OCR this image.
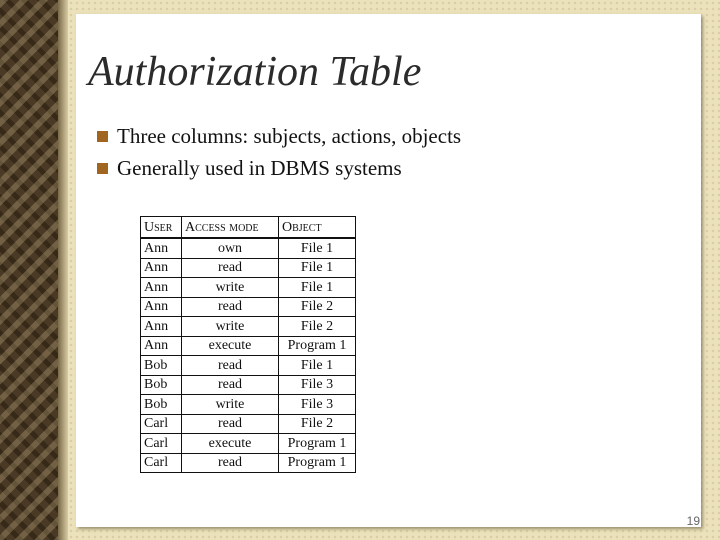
Authorization Table
Three columns: subjects, actions, objects
Generally used in DBMS systems
User	Access mode	Object
Ann	own	File 1
Ann	read	File 1
Ann	write	File 1
Ann	read	File 2
Ann	write	File 2
Ann	execute	Program 1
Bob	read	File 1
Bob	read	File 3
Bob	write	File 3
Carl	read	File 2
Carl	execute	Program 1
Carl	read	Program 1
19
